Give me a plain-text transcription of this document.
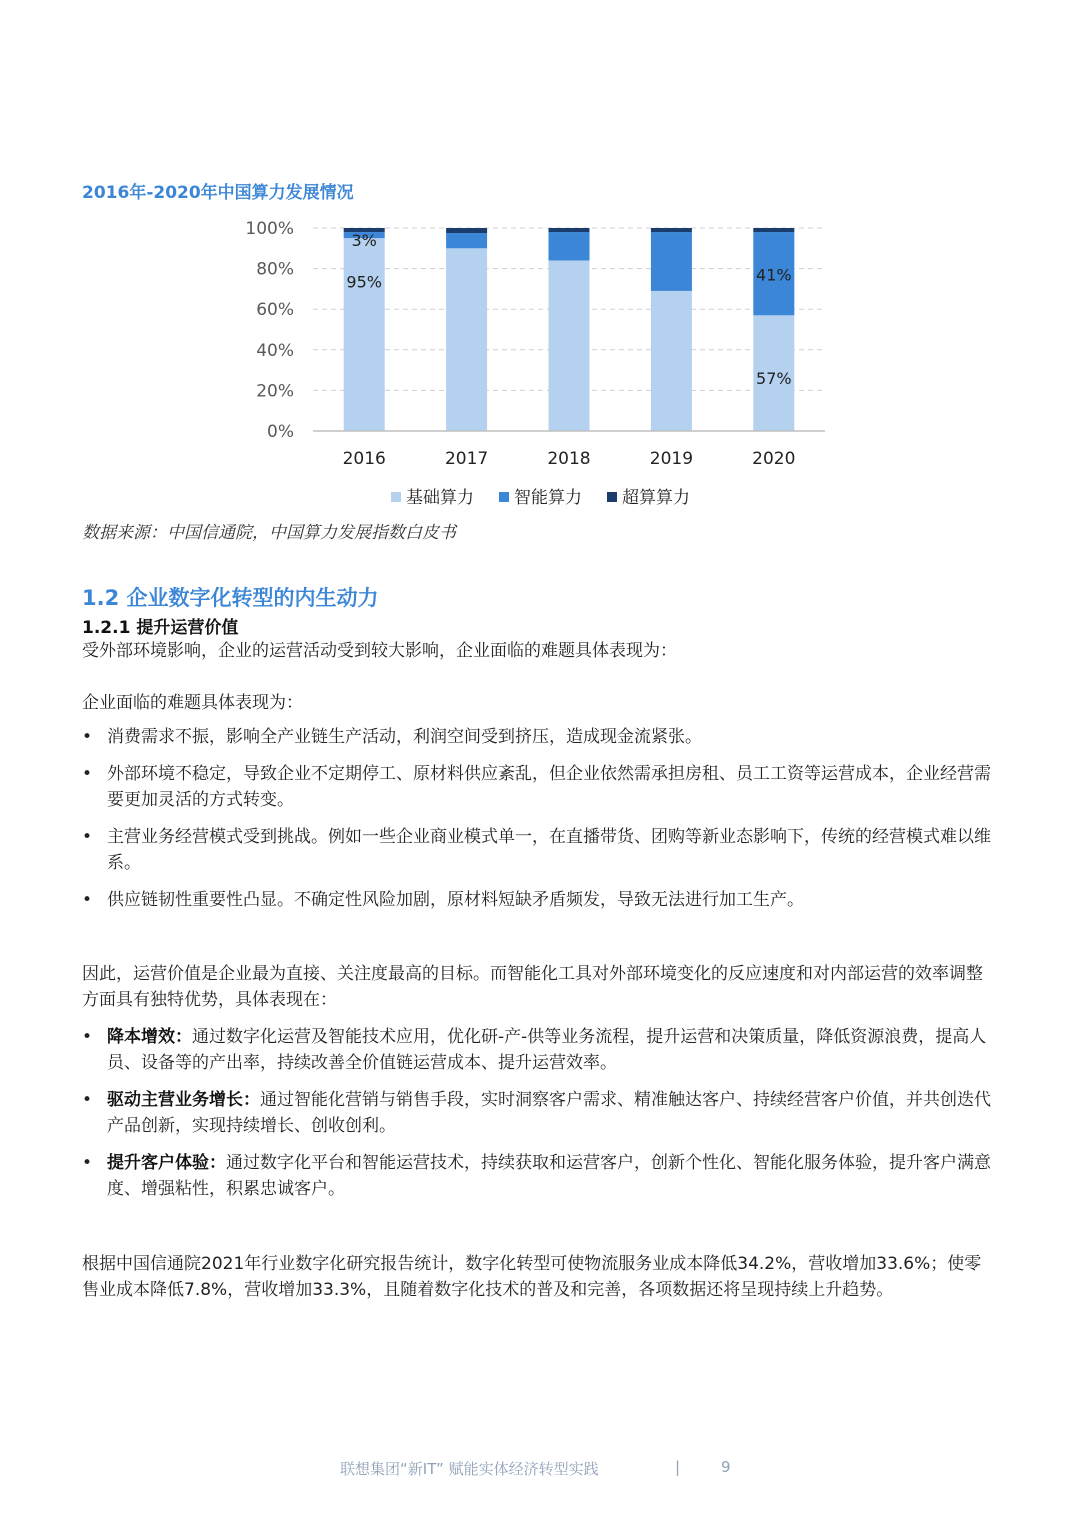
2016年-2020年中国算力发展情况
0%
20%
40%
60%
80%
100%
95%
3%
57%
41%
2016	2017	2018	2019	2020
基础算力 智能算力 超算算力
数据来源：中国信通院，中国算力发展指数白皮书
1.2 企业数字化转型的内生动力
1.2.1 提升运营价值
受外部环境影响，企业的运营活动受到较大影响，企业面临的难题具体表现为：
企业面临的难题具体表现为：
• 消费需求不振，影响全产业链生产活动，利润空间受到挤压，造成现金流紧张。
• 外部环境不稳定，导致企业不定期停工、原材料供应紊乱，但企业依然需承担房租、员工工资等运营成本，企业经营需要更加灵活的方式转变。
• 主营业务经营模式受到挑战。例如一些企业商业模式单一，在直播带货、团购等新业态影响下，传统的经营模式难以维系。
• 供应链韧性重要性凸显。不确定性风险加剧，原材料短缺矛盾频发，导致无法进行加工生产。
因此，运营价值是企业最为直接、关注度最高的目标。而智能化工具对外部环境变化的反应速度和对内部运营的效率调整方面具有独特优势，具体表现在：
• 降本增效：通过数字化运营及智能技术应用，优化研-产-供等业务流程，提升运营和决策质量，降低资源浪费，提高人员、设备等的产出率，持续改善全价值链运营成本、提升运营效率。
• 驱动主营业务增长：通过智能化营销与销售手段，实时洞察客户需求、精准触达客户、持续经营客户价值，并共创迭代产品创新，实现持续增长、创收创利。
• 提升客户体验：通过数字化平台和智能运营技术，持续获取和运营客户，创新个性化、智能化服务体验，提升客户满意度、增强粘性，积累忠诚客户。
根据中国信通院2021年行业数字化研究报告统计，数字化转型可使物流服务业成本降低34.2%，营收增加33.6%；使零售业成本降低7.8%，营收增加33.3%，且随着数字化技术的普及和完善，各项数据还将呈现持续上升趋势。
联想集团“新IT” 赋能实体经济转型实践	|	9
